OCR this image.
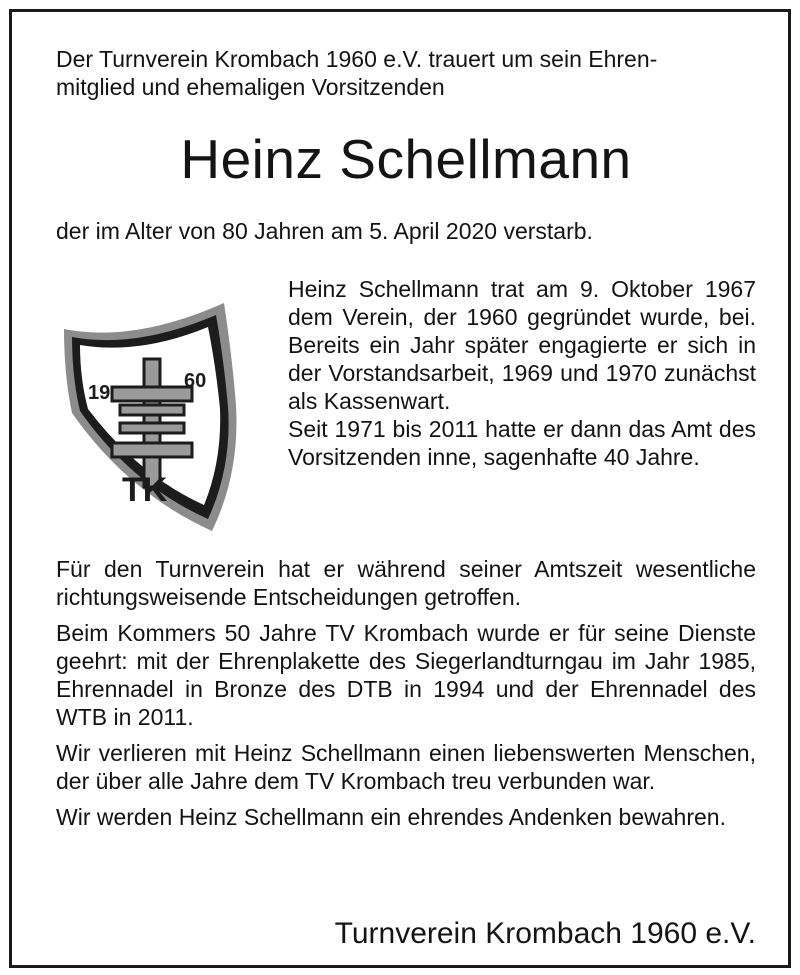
Der Turnverein Krombach 1960 e.V. trauert um sein Ehren-

mitglied und ehemaligen Vorsitzenden

Heinz Schellmann

der im Alter von 80 Jahren am 5. April 2020 verstarb.

19
60
TK

Heinz Schellmann trat am 9. Oktober 1967 dem Verein, der 1960 gegründet wurde, bei. Bereits ein Jahr später engagierte er sich in der Vorstandsarbeit, 1969 und 1970 zunächst als Kassenwart.

Seit 1971 bis 2011 hatte er dann das Amt des Vorsitzenden inne, sagenhafte 40 Jahre.

Für den Turnverein hat er während seiner Amtszeit wesentliche richtungsweisende Entscheidungen getroffen.

Beim Kommers 50 Jahre TV Krombach wurde er für seine Dienste geehrt: mit der Ehrenplakette des Siegerlandturngau im Jahr 1985, Ehrennadel in Bronze des DTB in 1994 und der Ehrennadel des WTB in 2011.

Wir verlieren mit Heinz Schellmann einen liebenswerten Menschen, der über alle Jahre dem TV Krombach treu verbunden war.

Wir werden Heinz Schellmann ein ehrendes Andenken bewahren.

Turnverein Krombach 1960 e.V.
